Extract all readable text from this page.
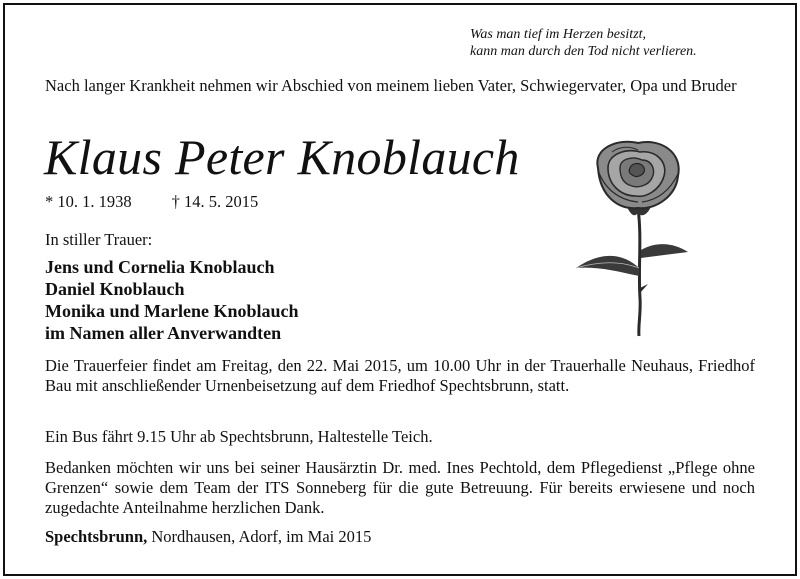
Was man tief im Herzen besitzt,
kann man durch den Tod nicht verlieren.
Nach langer Krankheit nehmen wir Abschied von meinem lieben Vater, Schwiegervater, Opa und Bruder
Klaus Peter Knoblauch
* 10. 1. 1938 † 14. 5. 2015
In stiller Trauer:
Jens und Cornelia Knoblauch
Daniel Knoblauch
Monika und Marlene Knoblauch
im Namen aller Anverwandten
Die Trauerfeier findet am Freitag, den 22. Mai 2015, um 10.00 Uhr in der Trauerhalle Neuhaus, Friedhof Bau mit anschließender Urnenbeisetzung auf dem Friedhof Spechtsbrunn, statt.
Ein Bus fährt 9.15 Uhr ab Spechtsbrunn, Haltestelle Teich.
Bedanken möchten wir uns bei seiner Hausärztin Dr. med. Ines Pechtold, dem Pflegedienst „Pflege ohne Grenzen“ sowie dem Team der ITS Sonneberg für die gute Betreuung. Für bereits erwiesene und noch zugedachte Anteilnahme herzlichen Dank.
Spechtsbrunn, Nordhausen, Adorf, im Mai 2015
